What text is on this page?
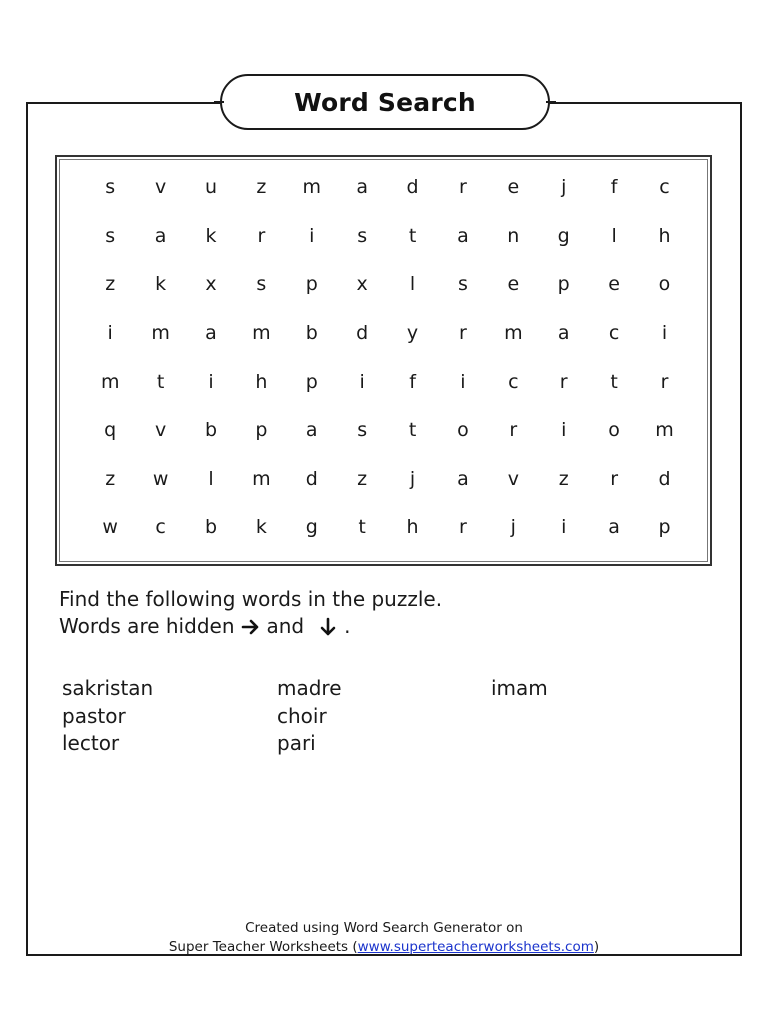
Word Search
s	v	u	z	m	a	d	r	e	j	f	c
s	a	k	r	i	s	t	a	n	g	l	h
z	k	x	s	p	x	l	s	e	p	e	o
i	m	a	m	b	d	y	r	m	a	c	i
m	t	i	h	p	i	f	i	c	r	t	r
q	v	b	p	a	s	t	o	r	i	o	m
z	w	l	m	d	z	j	a	v	z	r	d
w	c	b	k	g	t	h	r	j	i	a	p
Find the following words in the puzzle.
Words are hidden and .
sakristan	madre	imam
pastor	choir
lector	pari
Created using Word Search Generator on
Super Teacher Worksheets (www.superteacherworksheets.com)
